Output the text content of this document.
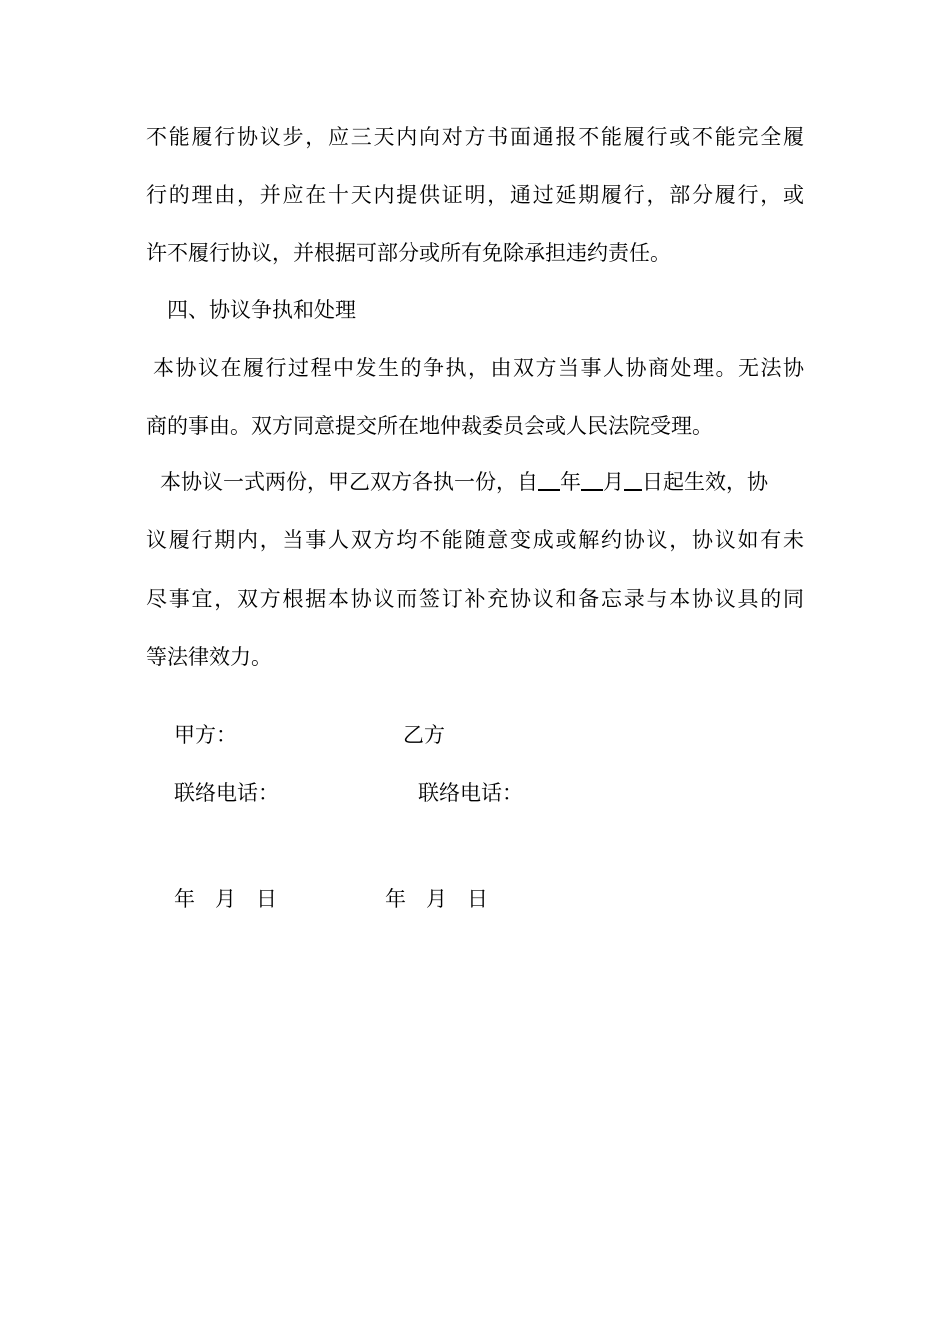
不能履行协议步，应三天内向对方书面通报不能履行或不能完全履
行的理由，并应在十天内提供证明，通过延期履行，部分履行，或
许不履行协议，并根据可部分或所有免除承担违约责任。
四、协议争执和处理
本协议在履行过程中发生的争执，由双方当事人协商处理。无法协
商的事由。双方同意提交所在地仲裁委员会或人民法院受理。
本协议一式两份，甲乙双方各执一份，自 年 月 日起生效，协
议履行期内，当事人双方均不能随意变成或解约协议，协议如有未
尽事宜，双方根据本协议而签订补充协议和备忘录与本协议具的同
等法律效力。
甲方：	乙方
联络电话：	联络电话：
年   月   日	年   月   日
